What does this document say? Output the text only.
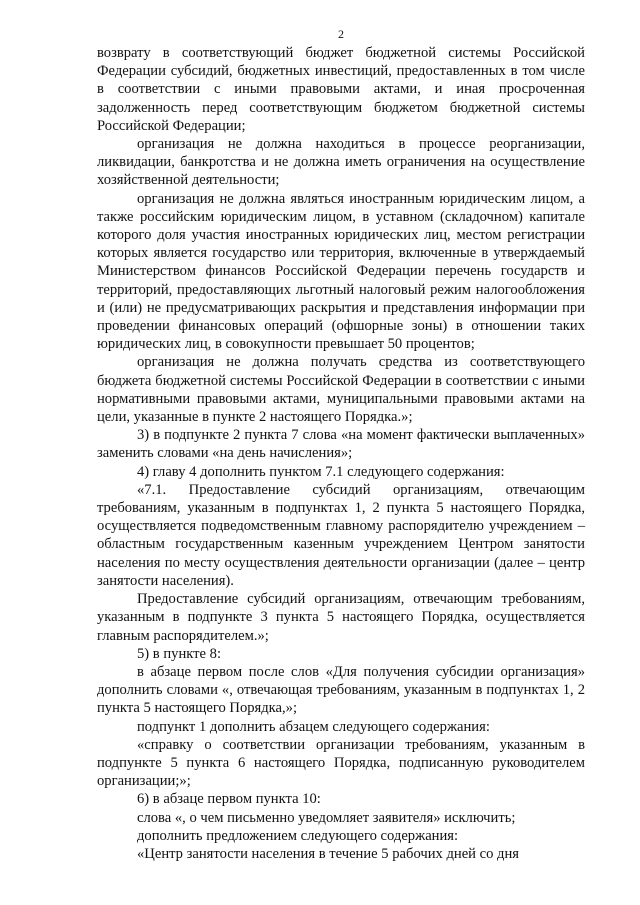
2

возврату в соответствующий бюджет бюджетной системы Российской Федерации субсидий, бюджетных инвестиций, предоставленных в том числе в соответствии с иными правовыми актами, и иная просроченная задолженность перед соответствующим бюджетом бюджетной системы Российской Федерации;

организация не должна находиться в процессе реорганизации, ликвидации, банкротства и не должна иметь ограничения на осуществление хозяйственной деятельности;

организация не должна являться иностранным юридическим лицом, а также российским юридическим лицом, в уставном (складочном) капитале которого доля участия иностранных юридических лиц, местом регистрации которых является государство или территория, включенные в утверждаемый Министерством финансов Российской Федерации перечень государств и территорий, предоставляющих льготный налоговый режим налогообложения и (или) не предусматривающих раскрытия и представления информации при проведении финансовых операций (офшорные зоны) в отношении таких юридических лиц, в совокупности превышает 50 процентов;

организация не должна получать средства из соответствующего бюджета бюджетной системы Российской Федерации в соответствии с иными нормативными правовыми актами, муниципальными правовыми актами на цели, указанные в пункте 2 настоящего Порядка.»;

3) в подпункте 2 пункта 7 слова «на момент фактически выплаченных» заменить словами «на день начисления»;

4) главу 4 дополнить пунктом 7.1 следующего содержания:

«7.1. Предоставление субсидий организациям, отвечающим требованиям, указанным в подпунктах 1, 2 пункта 5 настоящего Порядка, осуществляется подведомственным главному распорядителю учреждением – областным государственным казенным учреждением Центром занятости населения по месту осуществления деятельности организации (далее – центр занятости населения).

Предоставление субсидий организациям, отвечающим требованиям, указанным в подпункте 3 пункта 5 настоящего Порядка, осуществляется главным распорядителем.»;

5) в пункте 8:

в абзаце первом после слов «Для получения субсидии организация» дополнить словами «, отвечающая требованиям, указанным в подпунктах 1, 2 пункта 5 настоящего Порядка,»;

подпункт 1 дополнить абзацем следующего содержания:

«справку о соответствии организации требованиям, указанным в подпункте 5 пункта 6 настоящего Порядка, подписанную руководителем организации;»;

6) в абзаце первом пункта 10:

слова «, о чем письменно уведомляет заявителя» исключить;

дополнить предложением следующего содержания:

«Центр занятости населения в течение 5 рабочих дней со дня
